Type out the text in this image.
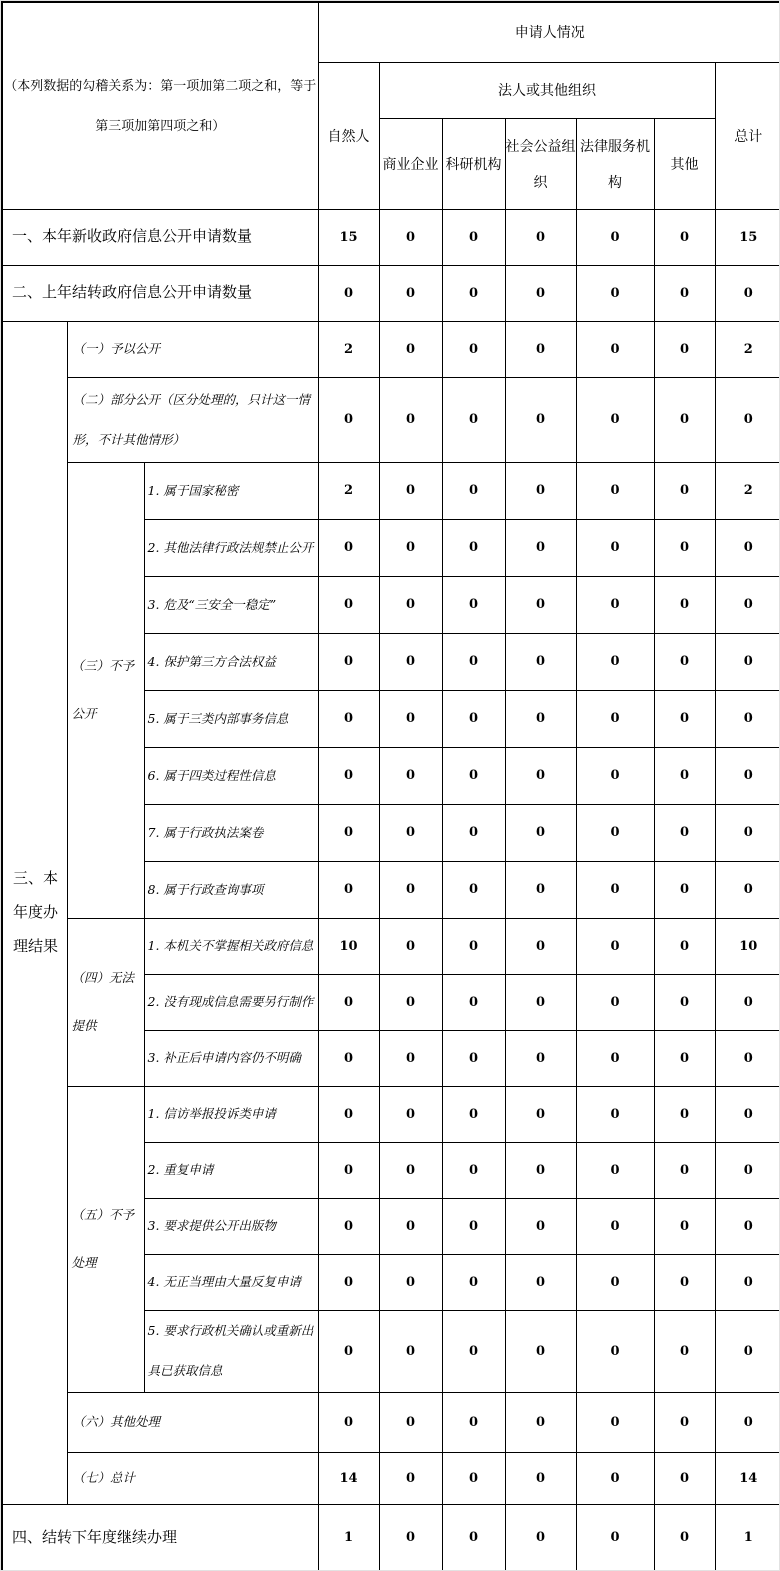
（本列数据的勾稽关系为：第一项加第二项之和，等于
第三项加第四项之和）			申请人情况						
			自然人	法人或其他组织					总计
				商业企业	科研机构	社会公益组织	法律服务机构	其他	
一、本年新收政府信息公开申请数量			15	0	0	0	0	0	15
二、上年结转政府信息公开申请数量			0	0	0	0	0	0	0
三、本年度办理结果	（一）予以公开		2	0	0	0	0	0	2
	（二）部分公开（区分处理的，只计这一情形，不计其他情形）		0	0	0	0	0	0	0
	（三）不予公开	1. 属于国家秘密	2	0	0	0	0	0	2
		2. 其他法律行政法规禁止公开	0	0	0	0	0	0	0
		3. 危及“三安全一稳定”	0	0	0	0	0	0	0
		4. 保护第三方合法权益	0	0	0	0	0	0	0
		5. 属于三类内部事务信息	0	0	0	0	0	0	0
		6. 属于四类过程性信息	0	0	0	0	0	0	0
		7. 属于行政执法案卷	0	0	0	0	0	0	0
		8. 属于行政查询事项	0	0	0	0	0	0	0
	（四）无法提供	1. 本机关不掌握相关政府信息	10	0	0	0	0	0	10
		2. 没有现成信息需要另行制作	0	0	0	0	0	0	0
		3. 补正后申请内容仍不明确	0	0	0	0	0	0	0
	（五）不予处理	1. 信访举报投诉类申请	0	0	0	0	0	0	0
		2. 重复申请	0	0	0	0	0	0	0
		3. 要求提供公开出版物	0	0	0	0	0	0	0
		4. 无正当理由大量反复申请	0	0	0	0	0	0	0
		5. 要求行政机关确认或重新出具已获取信息	0	0	0	0	0	0	0
	（六）其他处理		0	0	0	0	0	0	0
	（七）总计		14	0	0	0	0	0	14
四、结转下年度继续办理			1	0	0	0	0	0	1
